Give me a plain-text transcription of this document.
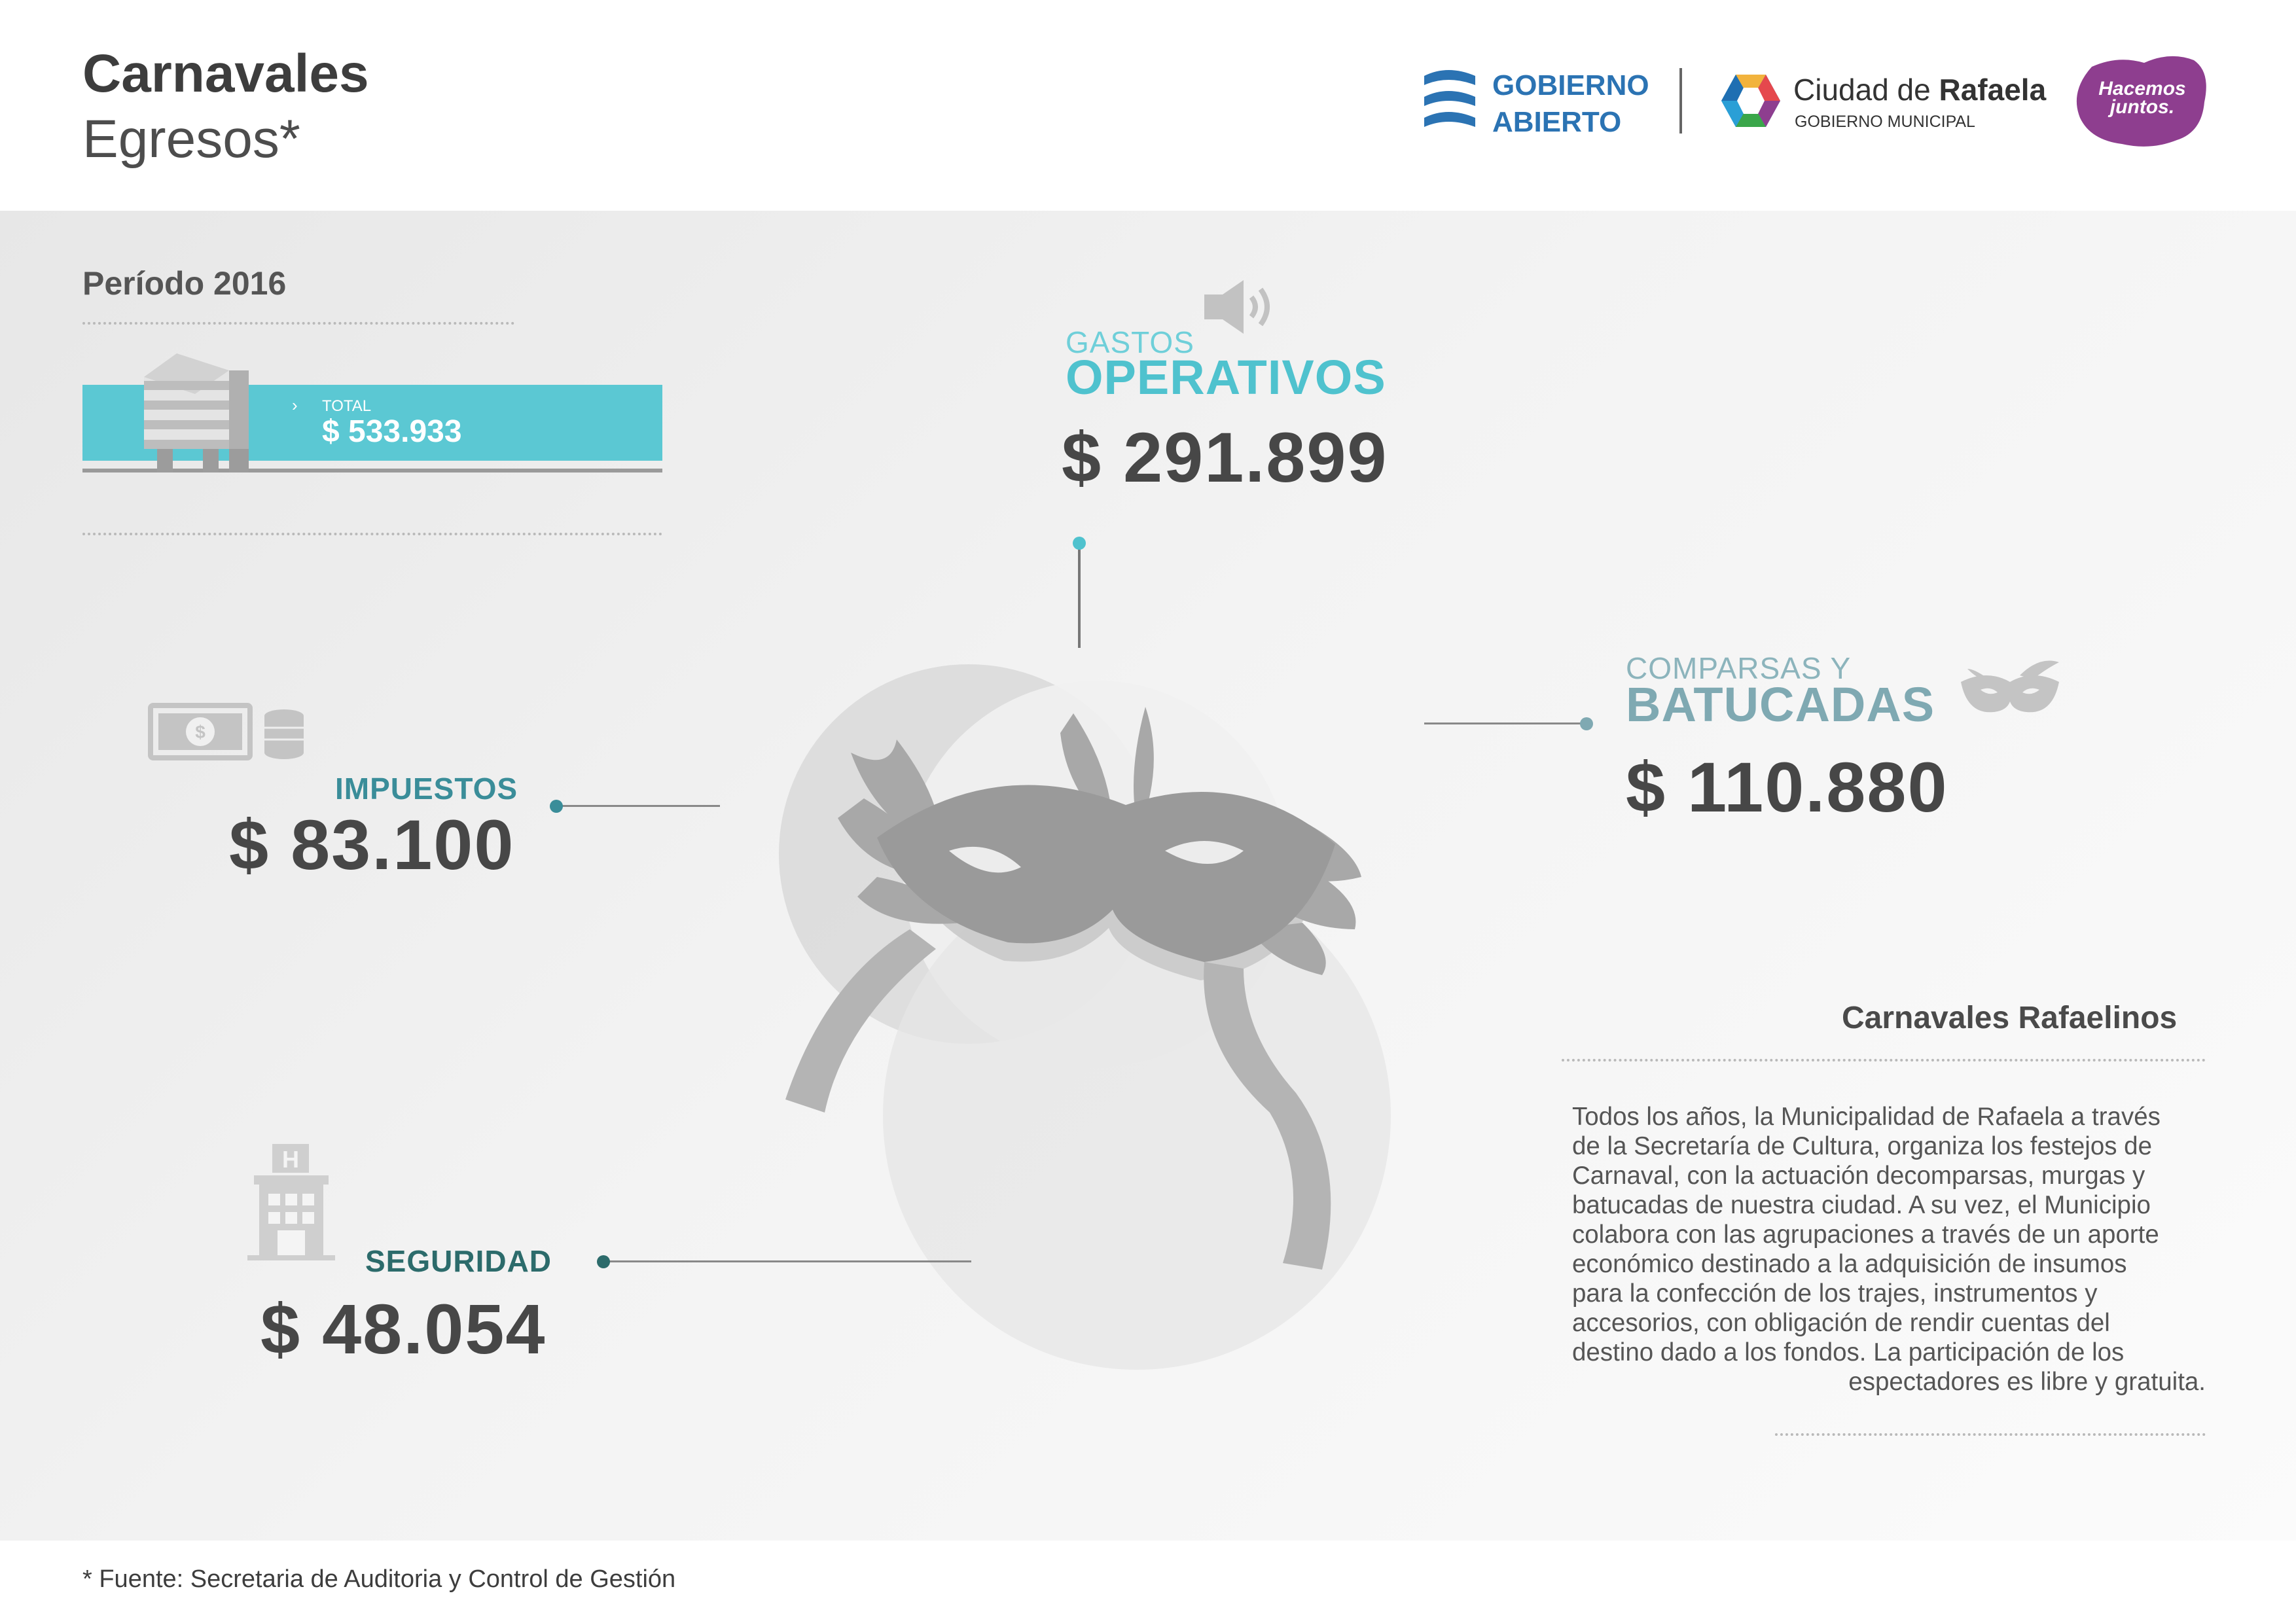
Carnavales
Egresos*
GOBIERNO
ABIERTO
Ciudad de Rafaela
GOBIERNO MUNICIPAL
Hacemos
juntos.
Período 2016
› TOTAL
$ 533.933
GASTOS
OPERATIVOS
$ 291.899
COMPARSAS Y
BATUCADAS
$ 110.880
$
IMPUESTOS
$ 83.100
H
SEGURIDAD
$ 48.054
Carnavales Rafaelinos
Todos los años, la Municipalidad de Rafaela a través
de la Secretaría de Cultura, organiza los festejos de
Carnaval, con la actuación decomparsas, murgas y
batucadas de nuestra ciudad. A su vez, el Municipio
colabora con las agrupaciones a través de un aporte
económico destinado a la adquisición de insumos
para la confección de los trajes, instrumentos y
accesorios, con obligación de rendir cuentas del
destino dado a los fondos. La participación de los
espectadores es libre y gratuita.
* Fuente: Secretaria de Auditoria y Control de Gestión
